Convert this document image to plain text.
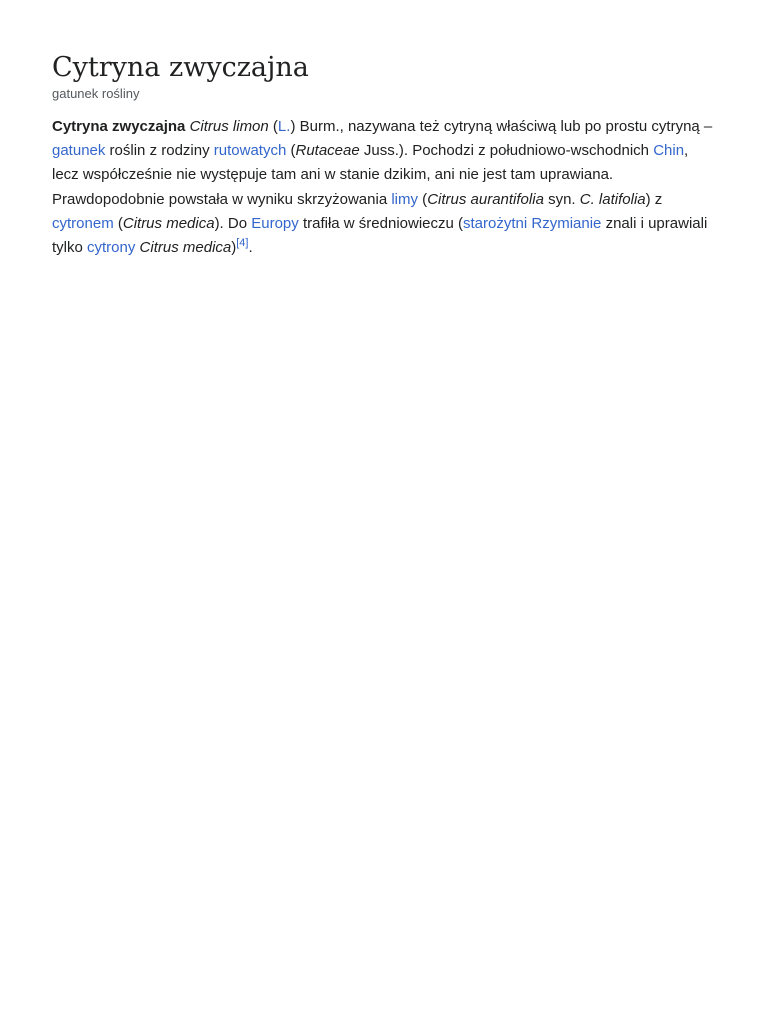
Cytryna zwyczajna
gatunek rośliny

Cytryna zwyczajna Citrus limon (L.) Burm., nazywana też cytryną właściwą lub po prostu cytryną – gatunek roślin z rodziny rutowatych (Rutaceae Juss.). Pochodzi z południowo-wschodnich Chin, lecz współcześnie nie występuje tam ani w stanie dzikim, ani nie jest tam uprawiana. Prawdopodobnie powstała w wyniku skrzyżowania limy (Citrus aurantifolia syn. C. latifolia) z cytronem (Citrus medica). Do Europy trafiła w średniowieczu (starożytni Rzymianie znali i uprawiali tylko cytrony Citrus medica)[4].
